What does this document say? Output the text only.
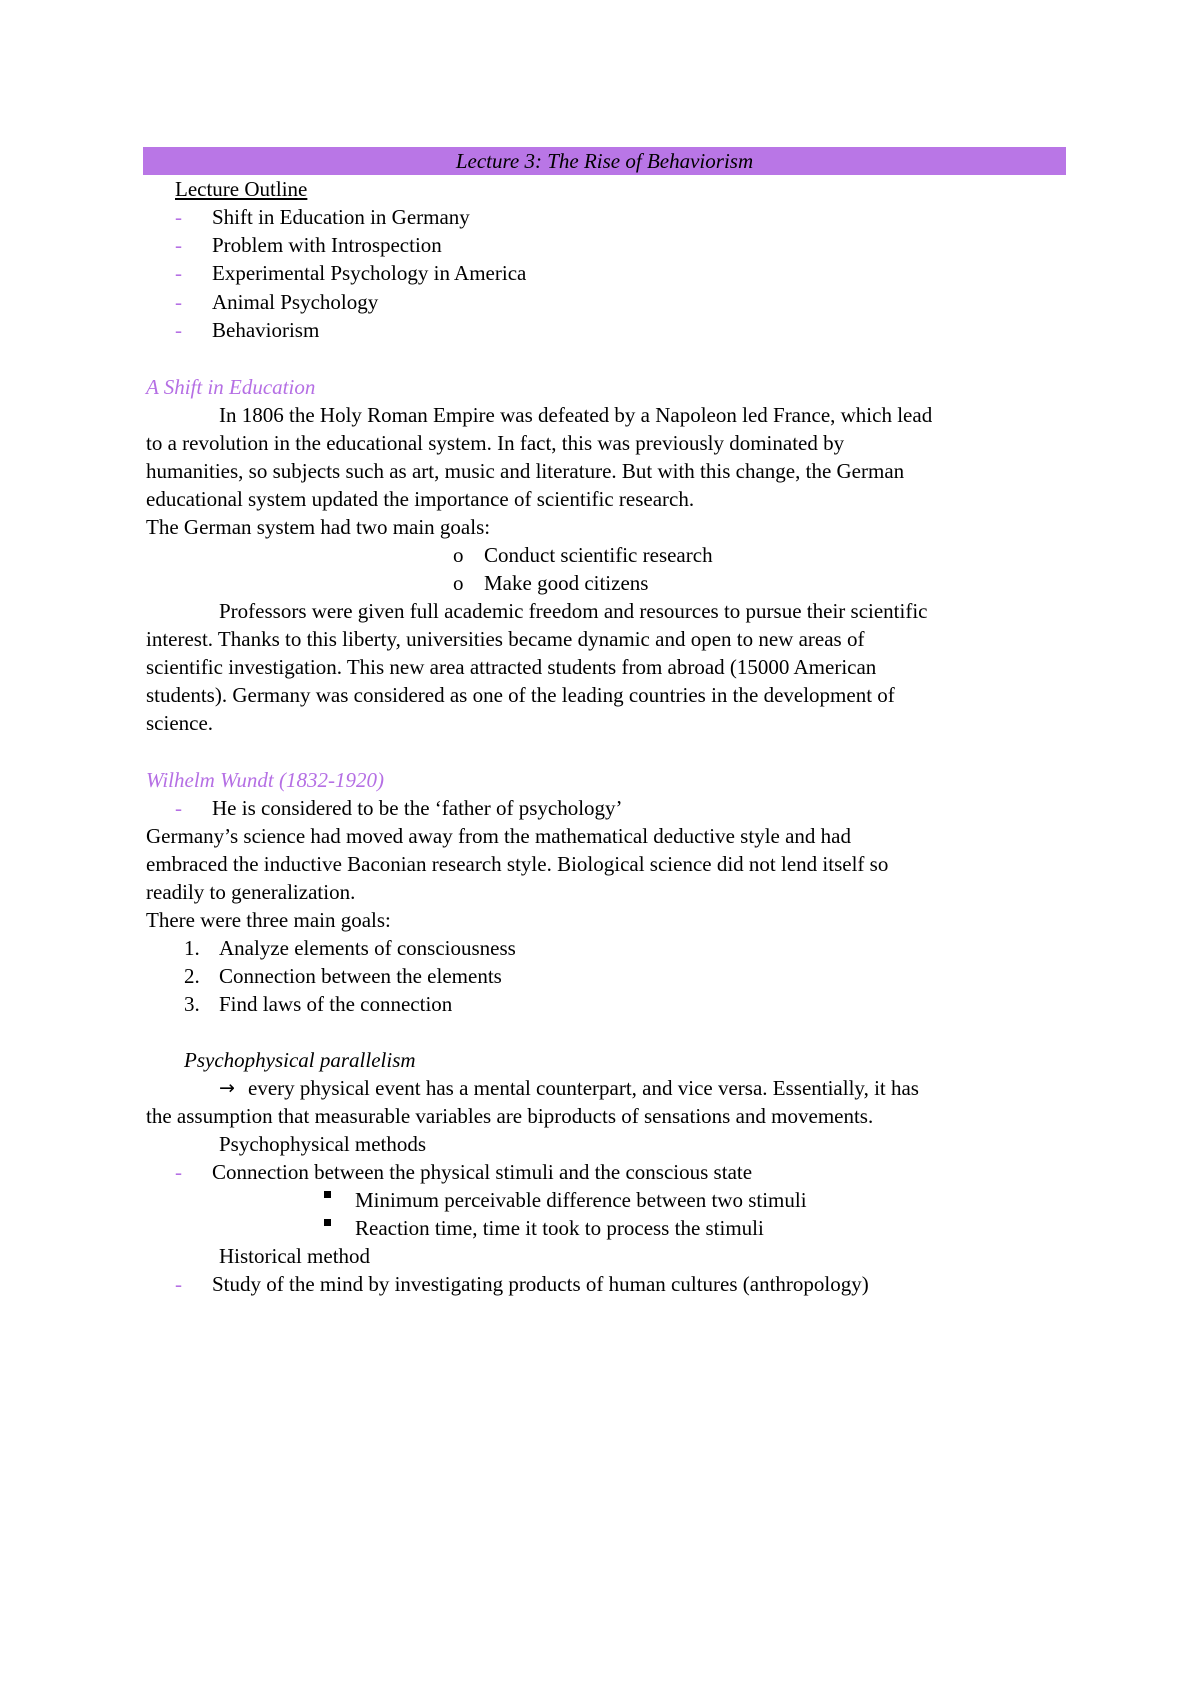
Lecture 3: The Rise of Behaviorism
Lecture Outline
- Shift in Education in Germany
- Problem with Introspection
- Experimental Psychology in America
- Animal Psychology
- Behaviorism
A Shift in Education
In 1806 the Holy Roman Empire was defeated by a Napoleon led France, which lead
to a revolution in the educational system. In fact, this was previously dominated by
humanities, so subjects such as art, music and literature. But with this change, the German
educational system updated the importance of scientific research.
The German system had two main goals:
o Conduct scientific research
o Make good citizens
Professors were given full academic freedom and resources to pursue their scientific
interest. Thanks to this liberty, universities became dynamic and open to new areas of
scientific investigation. This new area attracted students from abroad (15000 American
students). Germany was considered as one of the leading countries in the development of
science.
Wilhelm Wundt (1832-1920)
- He is considered to be the ‘father of psychology’
Germany’s science had moved away from the mathematical deductive style and had
embraced the inductive Baconian research style. Biological science did not lend itself so
readily to generalization.
There were three main goals:
1. Analyze elements of consciousness
2. Connection between the elements
3. Find laws of the connection
Psychophysical parallelism
→ every physical event has a mental counterpart, and vice versa. Essentially, it has
the assumption that measurable variables are biproducts of sensations and movements.
Psychophysical methods
- Connection between the physical stimuli and the conscious state
Minimum perceivable difference between two stimuli
Reaction time, time it took to process the stimuli
Historical method
- Study of the mind by investigating products of human cultures (anthropology)
